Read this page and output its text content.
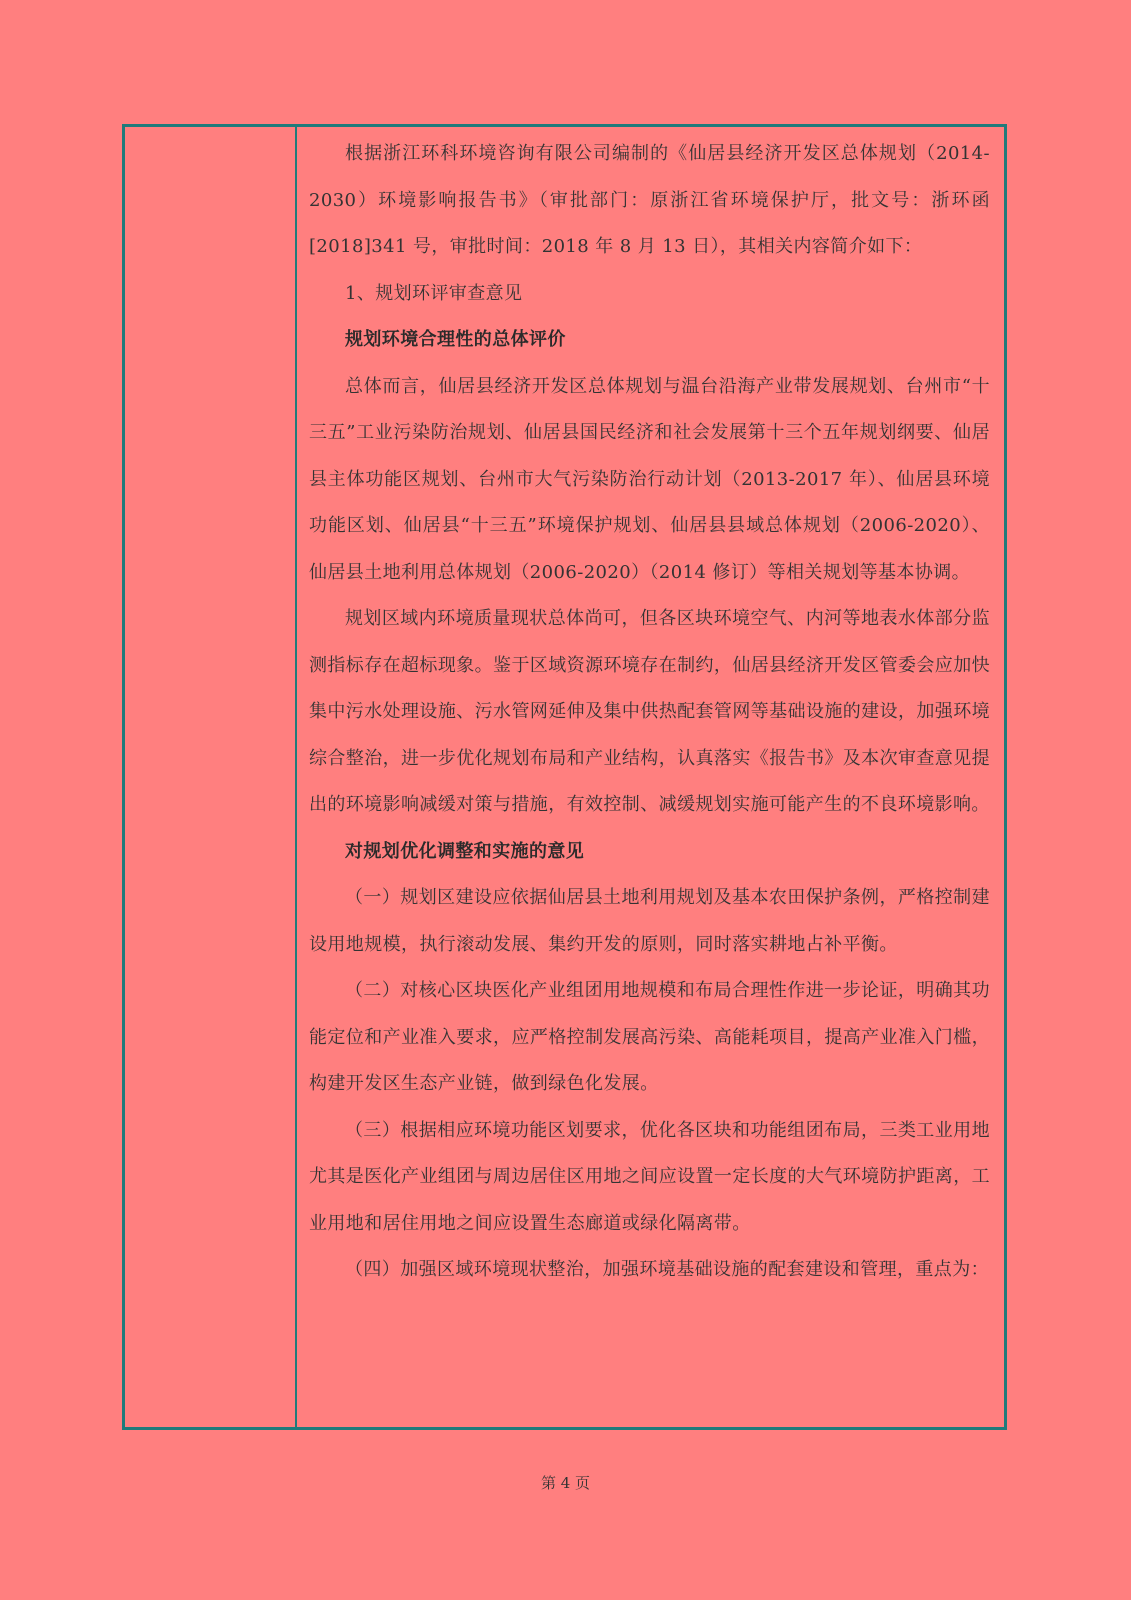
根据浙江环科环境咨询有限公司编制的《仙居县经济开发区总体规划（2014-2030）环境影响报告书》（审批部门：原浙江省环境保护厅，批文号：浙环函[2018]341 号，审批时间：2018 年 8 月 13 日），其相关内容简介如下：

1、规划环评审查意见

规划环境合理性的总体评价

总体而言，仙居县经济开发区总体规划与温台沿海产业带发展规划、台州市“十三五”工业污染防治规划、仙居县国民经济和社会发展第十三个五年规划纲要、仙居县主体功能区规划、台州市大气污染防治行动计划（2013-2017 年）、仙居县环境功能区划、仙居县“十三五”环境保护规划、仙居县县域总体规划（2006-2020）、 仙居县土地利用总体规划（2006-2020）（2014 修订）等相关规划等基本协调。

规划区域内环境质量现状总体尚可，但各区块环境空气、内河等地表水体部分监测指标存在超标现象。鉴于区域资源环境存在制约，仙居县经济开发区管委会应加快集中污水处理设施、污水管网延伸及集中供热配套管网等基础设施的建设，加强环境综合整治，进一步优化规划布局和产业结构，认真落实《报告书》及本次审查意见提出的环境影响减缓对策与措施，有效控制、减缓规划实施可能产生的不良环境影响。

对规划优化调整和实施的意见

（一）规划区建设应依据仙居县土地利用规划及基本农田保护条例，严格控制建设用地规模，执行滚动发展、集约开发的原则，同时落实耕地占补平衡。

（二）对核心区块医化产业组团用地规模和布局合理性作进一步论证，明确其功能定位和产业准入要求，应严格控制发展高污染、高能耗项目，提高产业准入门槛，构建开发区生态产业链，做到绿色化发展。

（三）根据相应环境功能区划要求，优化各区块和功能组团布局，三类工业用地尤其是医化产业组团与周边居住区用地之间应设置一定长度的大气环境防护距离，工业用地和居住用地之间应设置生态廊道或绿化隔离带。

（四）加强区域环境现状整治，加强环境基础设施的配套建设和管理，重点为：

第 4 页
